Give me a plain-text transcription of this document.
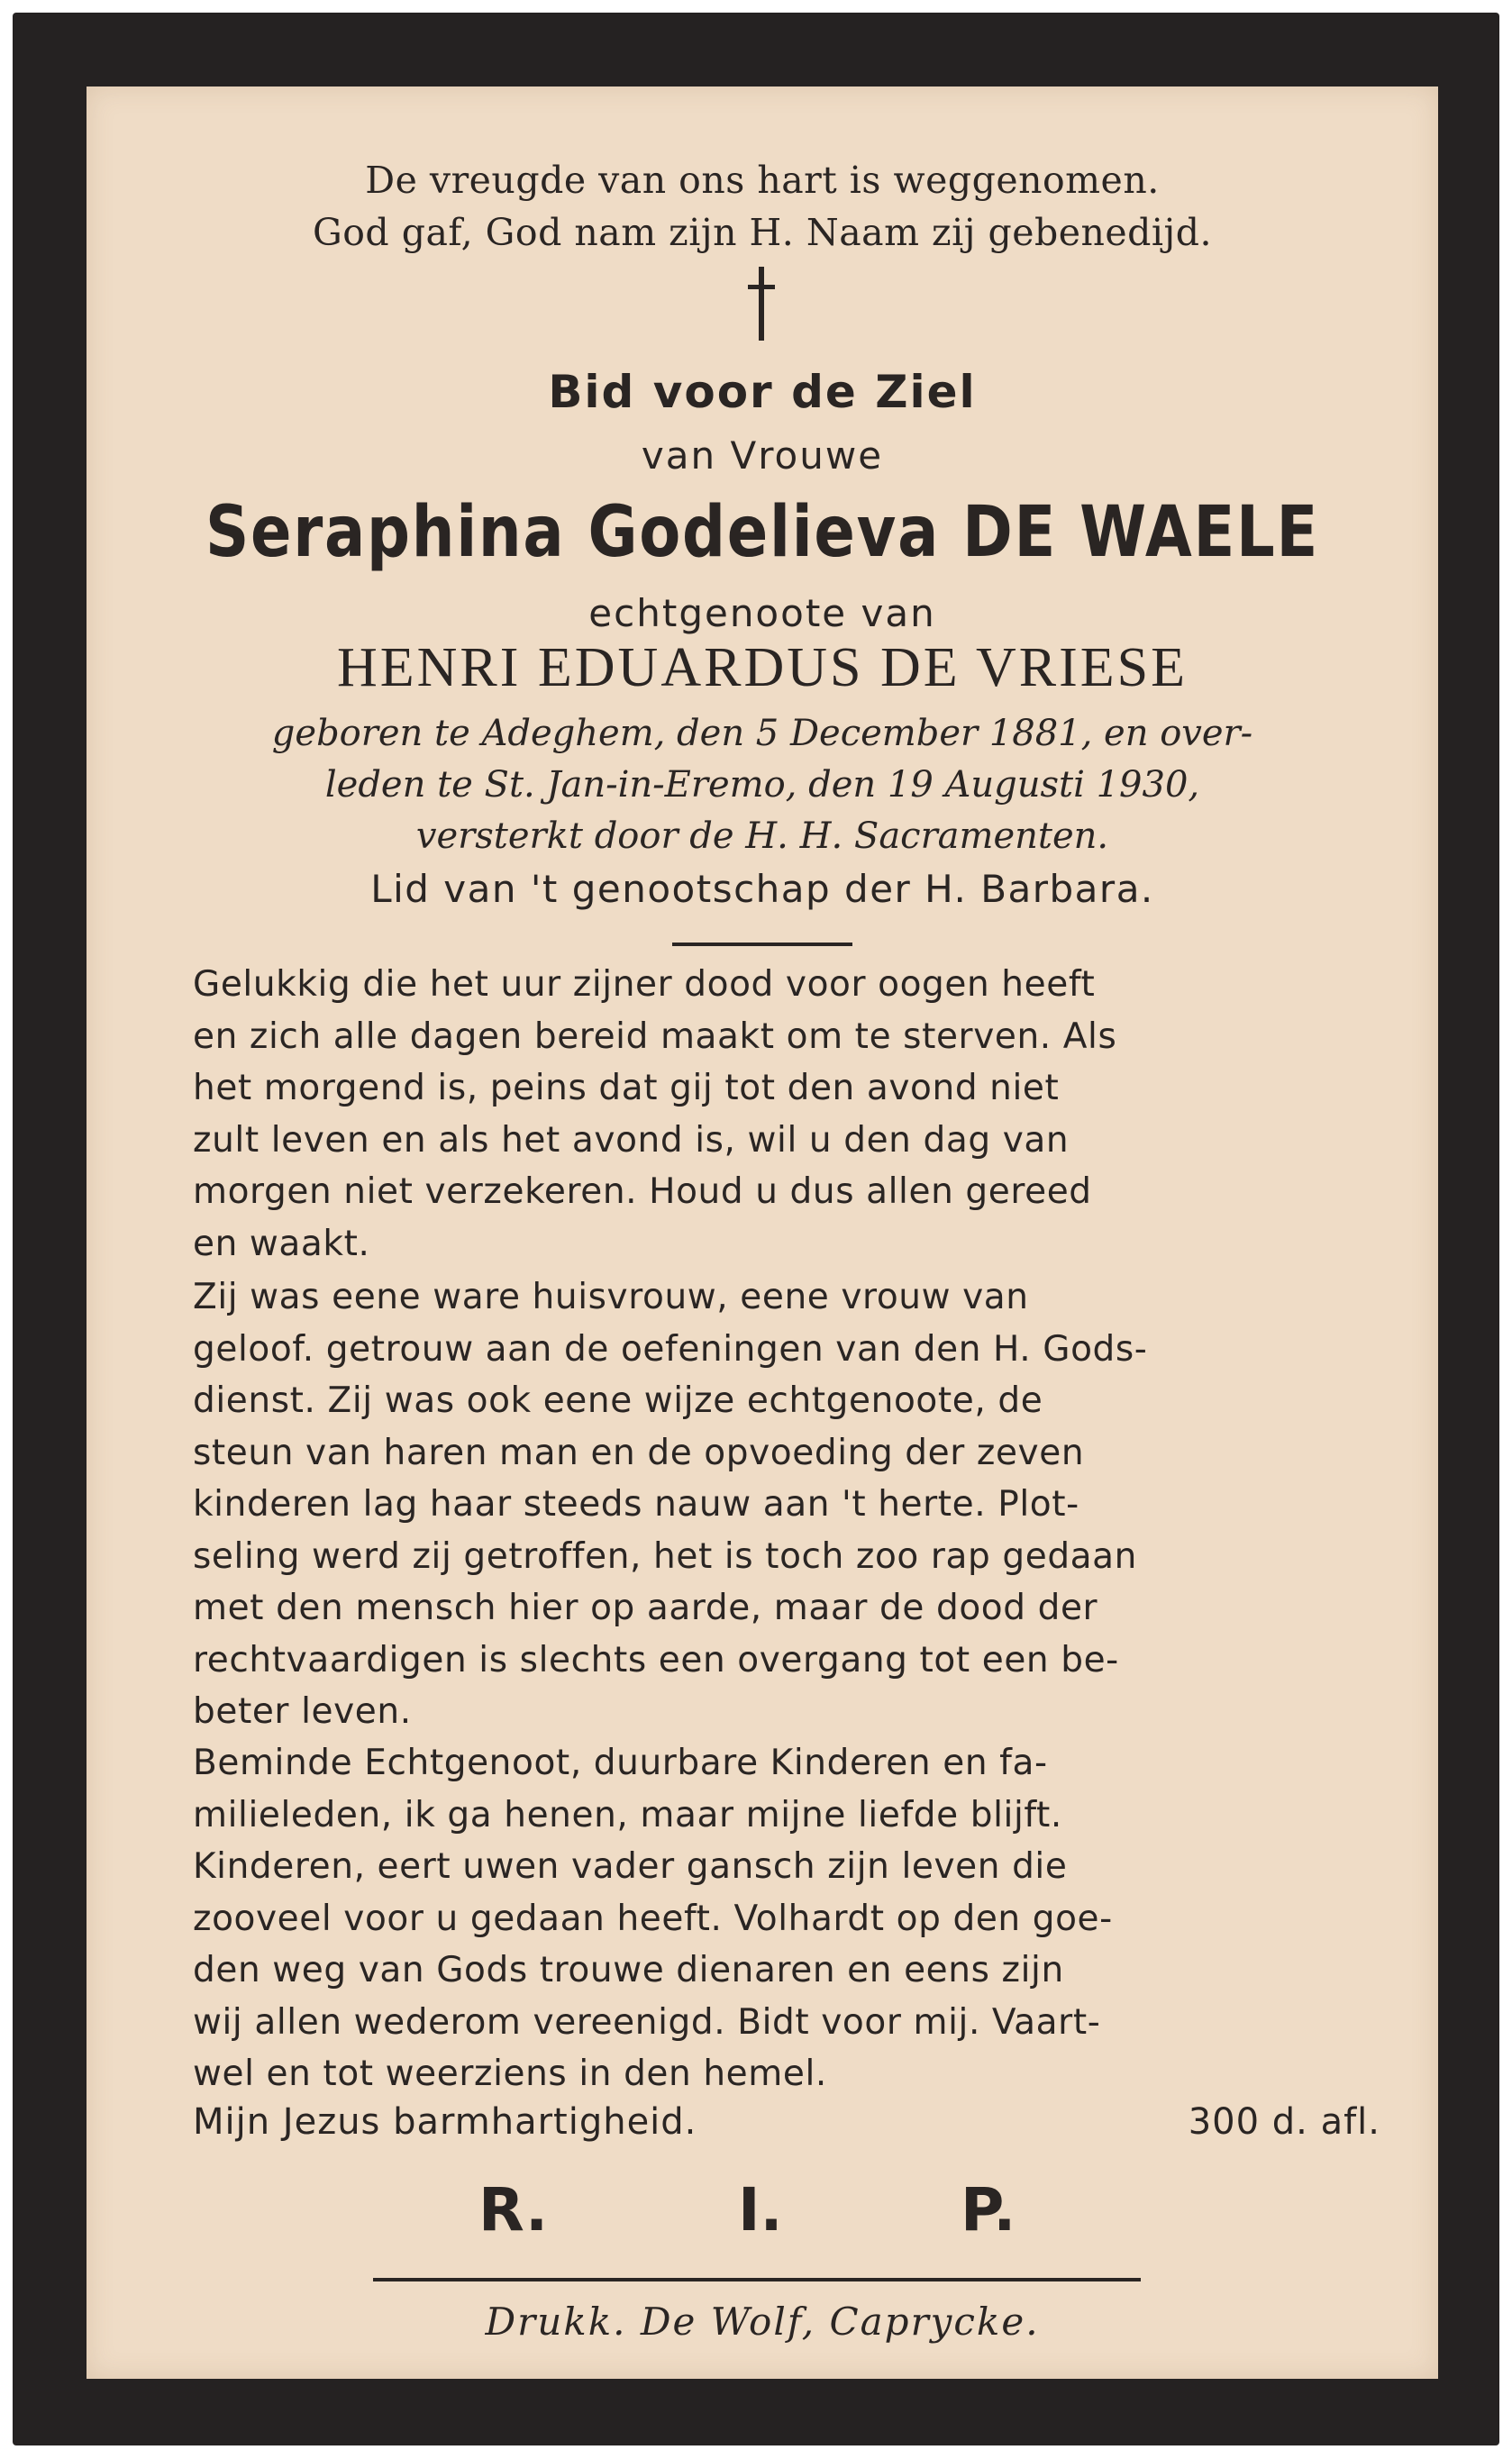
De vreugde van ons hart is weggenomen.
God gaf, God nam zijn H. Naam zij gebenedijd.
Bid voor de Ziel
van Vrouwe
Seraphina Godelieva DE WAELE
echtgenoote van
HENRI EDUARDUS DE VRIESE
geboren te Adeghem, den 5 December 1881, en over-
leden te St. Jan-in-Eremo, den 19 Augusti 1930,
versterkt door de H. H. Sacramenten.
Lid van 't genootschap der H. Barbara.
Gelukkig die het uur zijner dood voor oogen heeft
en zich alle dagen bereid maakt om te sterven. Als
het morgend is, peins dat gij tot den avond niet
zult leven en als het avond is, wil u den dag van
morgen niet verzekeren. Houd u dus allen gereed
en waakt.
Zij was eene ware huisvrouw, eene vrouw van
geloof. getrouw aan de oefeningen van den H. Gods-
dienst. Zij was ook eene wijze echtgenoote, de
steun van haren man en de opvoeding der zeven
kinderen lag haar steeds nauw aan 't herte. Plot-
seling werd zij getroffen, het is toch zoo rap gedaan
met den mensch hier op aarde, maar de dood der
rechtvaardigen is slechts een overgang tot een be-
beter leven.
Beminde Echtgenoot, duurbare Kinderen en fa-
milieleden, ik ga henen, maar mijne liefde blijft.
Kinderen, eert uwen vader gansch zijn leven die
zooveel voor u gedaan heeft. Volhardt op den goe-
den weg van Gods trouwe dienaren en eens zijn
wij allen wederom vereenigd. Bidt voor mij. Vaart-
wel en tot weerziens in den hemel.
Mijn Jezus barmhartigheid.	300 d. afl.
R.	I.	P.
Drukk. De Wolf, Caprycke.
